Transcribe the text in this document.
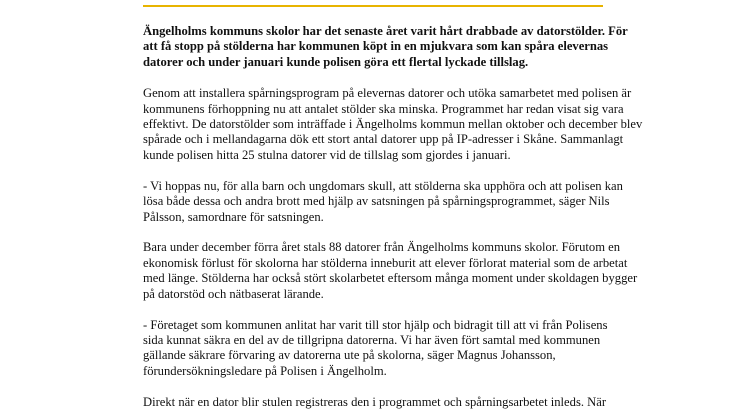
Ängelholms kommuns skolor har det senaste året varit hårt drabbade av datorstölder. För
att få stopp på stölderna har kommunen köpt in en mjukvara som kan spåra elevernas
datorer och under januari kunde polisen göra ett flertal lyckade tillslag.

Genom att installera spårningsprogram på elevernas datorer och utöka samarbetet med polisen är
kommunens förhoppning nu att antalet stölder ska minska. Programmet har redan visat sig vara
effektivt. De datorstölder som inträffade i Ängelholms kommun mellan oktober och december blev
spårade och i mellandagarna dök ett stort antal datorer upp på IP-adresser i Skåne. Sammanlagt
kunde polisen hitta 25 stulna datorer vid de tillslag som gjordes i januari.

- Vi hoppas nu, för alla barn och ungdomars skull, att stölderna ska upphöra och att polisen kan
lösa både dessa och andra brott med hjälp av satsningen på spårningsprogrammet, säger Nils
Pålsson, samordnare för satsningen.

Bara under december förra året stals 88 datorer från Ängelholms kommuns skolor. Förutom en
ekonomisk förlust för skolorna har stölderna inneburit att elever förlorat material som de arbetat
med länge. Stölderna har också stört skolarbetet eftersom många moment under skoldagen bygger
på datorstöd och nätbaserat lärande.

- Företaget som kommunen anlitat har varit till stor hjälp och bidragit till att vi från Polisens
sida kunnat säkra en del av de tillgripna datorerna. Vi har även fört samtal med kommunen
gällande säkrare förvaring av datorerna ute på skolorna, säger Magnus Johansson,
förundersökningsledare på Polisen i Ängelholm.

Direkt när en dator blir stulen registreras den i programmet och spårningsarbetet inleds. När
